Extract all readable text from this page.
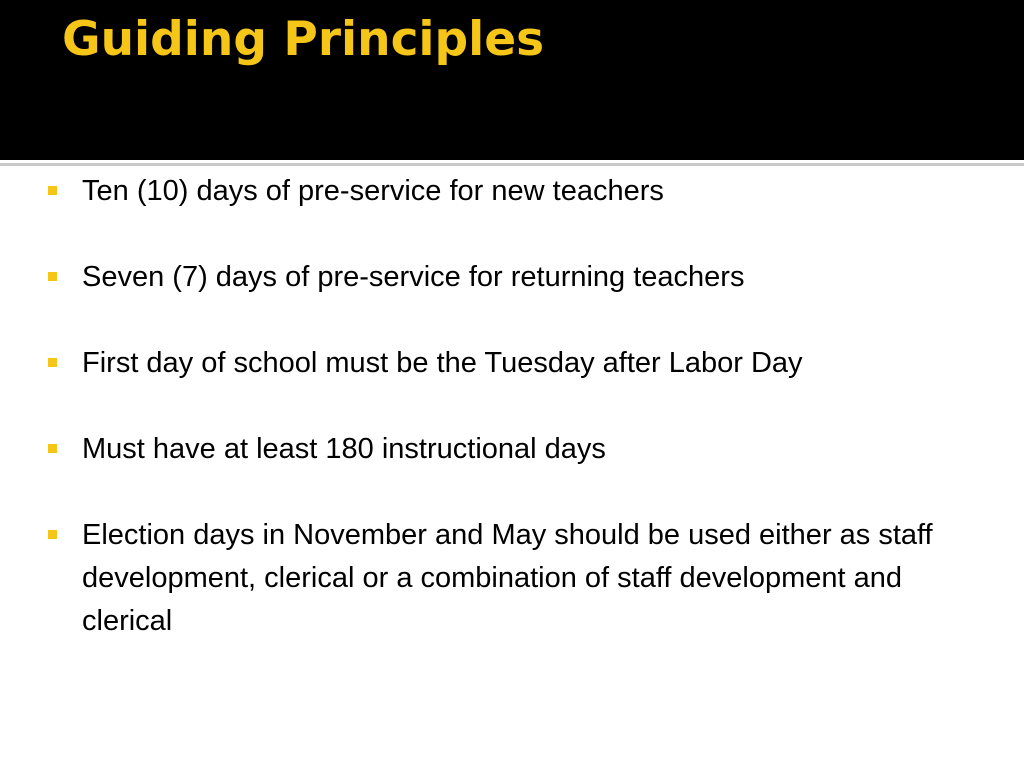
Guiding Principles
Ten (10) days of pre-service for new teachers
Seven (7) days of pre-service for returning teachers
First day of school must be the Tuesday after Labor Day
Must have at least 180 instructional days
Election days in November and May should be used either as staff development, clerical or a combination of staff development and clerical
